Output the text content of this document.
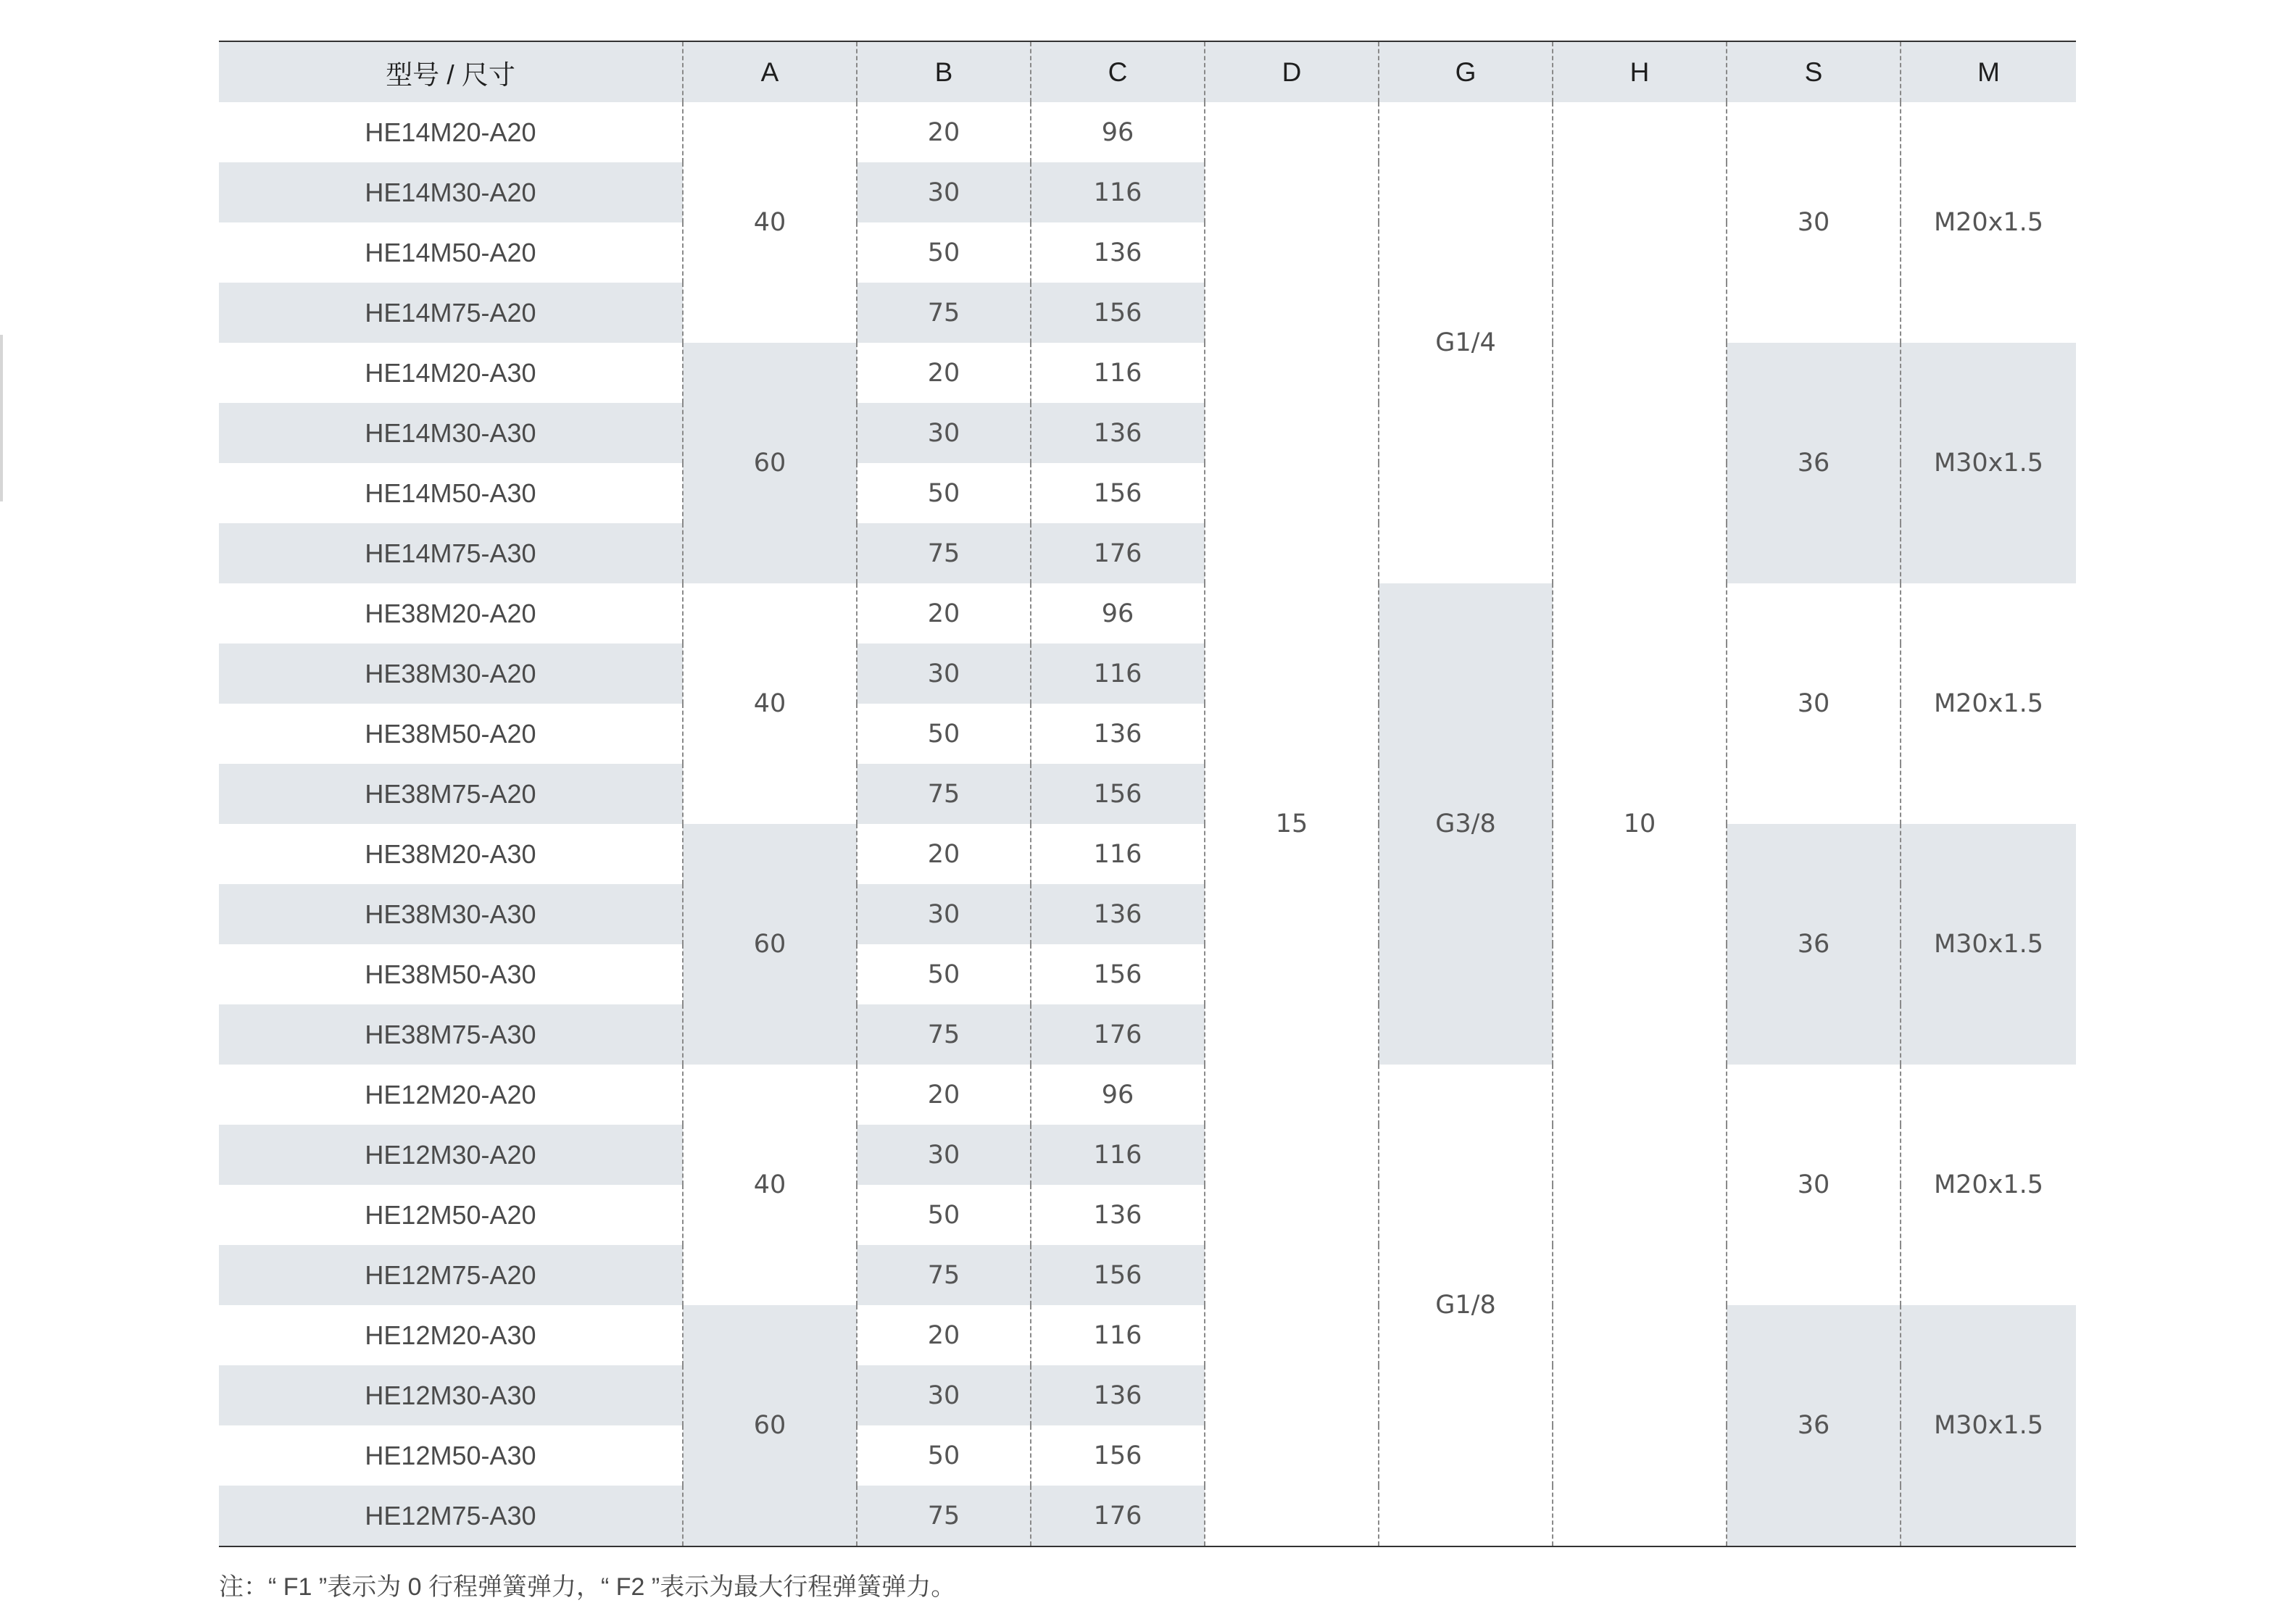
型号 / 尺寸	A	B	C	D	G	H	S	M
HE14M20-A20	40	20	96	15	G1/4	10	30	M20x1.5
HE14M30-A20		30	116					
HE14M50-A20		50	136					
HE14M75-A20		75	156					
HE14M20-A30	60	20	116				36	M30x1.5
HE14M30-A30		30	136					
HE14M50-A30		50	156					
HE14M75-A30		75	176					
HE38M20-A20	40	20	96		G3/8		30	M20x1.5
HE38M30-A20		30	116					
HE38M50-A20		50	136					
HE38M75-A20		75	156					
HE38M20-A30	60	20	116				36	M30x1.5
HE38M30-A30		30	136					
HE38M50-A30		50	156					
HE38M75-A30		75	176					
HE12M20-A20	40	20	96		G1/8		30	M20x1.5
HE12M30-A20		30	116					
HE12M50-A20		50	136					
HE12M75-A20		75	156					
HE12M20-A30	60	20	116				36	M30x1.5
HE12M30-A30		30	136					
HE12M50-A30		50	156					
HE12M75-A30		75	176					
注：“ F1 ”表示为 0 行程弹簧弹力，“ F2 ”表示为最大行程弹簧弹力。
